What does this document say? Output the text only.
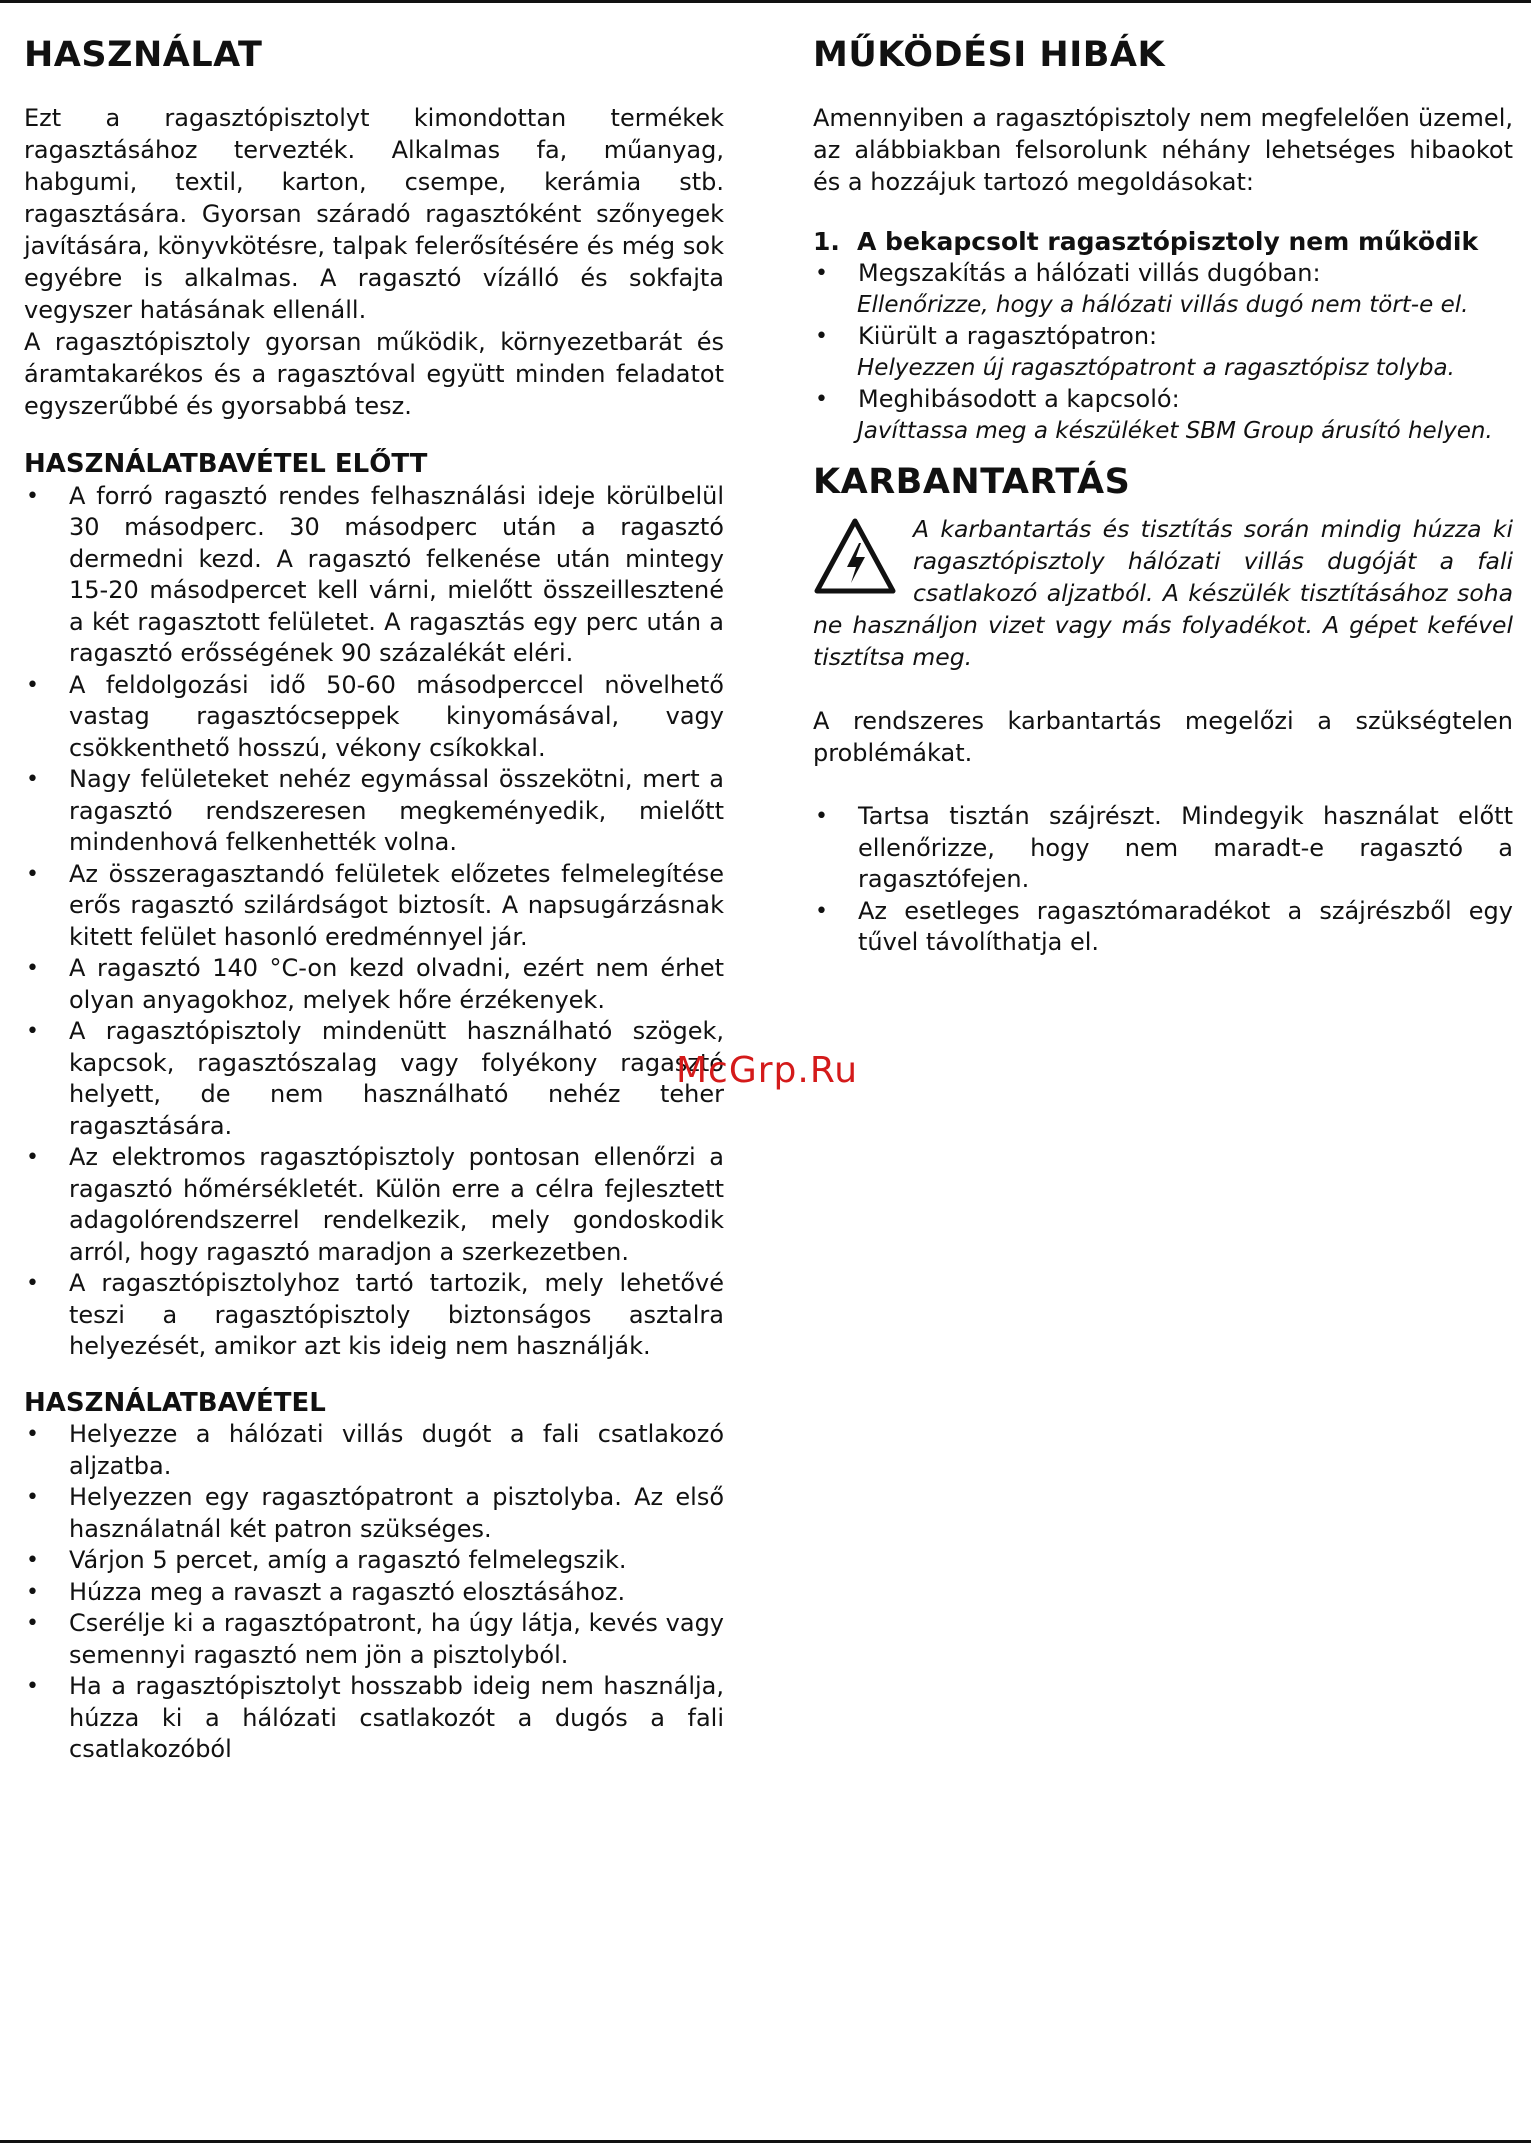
HASZNÁLAT

Ezt a ragasztópisztolyt kimondottan termékek ragasztásához tervezték. Alkalmas fa, műanyag, habgumi, textil, karton, csempe, kerámia stb. ragasztására. Gyorsan száradó ragasztóként szőnyegek javítására, könyvkötésre, talpak felerősítésére és még sok egyébre is alkalmas. A ragasztó vízálló és sokfajta vegyszer hatásának ellenáll.

A ragasztópisztoly gyorsan működik, környezetbarát és áramtakarékos és a ragasztóval együtt minden feladatot egyszerűbbé és gyorsabbá tesz.

HASZNÁLATBAVÉTEL ELŐTT
• A forró ragasztó rendes felhasználási ideje körülbelül 30 másodperc. 30 másodperc után a ragasztó dermedni kezd. A ragasztó felkenése után mintegy 15-20 másodpercet kell várni, mielőtt összeillesztené a két ragasztott felületet. A ragasztás egy perc után a ragasztó erősségének 90 százalékát eléri.
• A feldolgozási idő 50-60 másodperccel növelhető vastag ragasztócseppek kinyomásával, vagy csökkenthető hosszú, vékony csíkokkal.
• Nagy felületeket nehéz egymással összekötni, mert a ragasztó rendszeresen megkeményedik, mielőtt mindenhová felkenhették volna.
• Az összeragasztandó felületek előzetes felmelegítése erős ragasztó szilárdságot biztosít. A napsugárzásnak kitett felület hasonló eredménnyel jár.
• A ragasztó 140 °C-on kezd olvadni, ezért nem érhet olyan anyagokhoz, melyek hőre érzékenyek.
• A ragasztópisztoly mindenütt használható szögek, kapcsok, ragasztószalag vagy folyékony ragasztó helyett, de nem használható nehéz teher ragasztására.
• Az elektromos ragasztópisztoly pontosan ellenőrzi a ragasztó hőmérsékletét. Külön erre a célra fejlesztett adagolórendszerrel rendelkezik, mely gondoskodik arról, hogy ragasztó maradjon a szerkezetben.
• A ragasztópisztolyhoz tartó tartozik, mely lehetővé teszi a ragasztópisztoly biztonságos asztalra helyezését, amikor azt kis ideig nem használják.
HASZNÁLATBAVÉTEL
• Helyezze a hálózati villás dugót a fali csatlakozó aljzatba.
• Helyezzen egy ragasztópatront a pisztolyba. Az első használatnál két patron szükséges.
• Várjon 5 percet, amíg a ragasztó felmelegszik.
• Húzza meg a ravaszt a ragasztó elosztásához.
• Cserélje ki a ragasztópatront, ha úgy látja, kevés vagy semennyi ragasztó nem jön a pisztolyból.
• Ha a ragasztópisztolyt hosszabb ideig nem használja, húzza ki a hálózati csatlakozót a dugós a fali csatlakozóból
MŰKÖDÉSI HIBÁK

Amennyiben a ragasztópisztoly nem megfelelően üzemel, az alábbiakban felsorolunk néhány lehetséges hibaokot és a hozzájuk tartozó megoldásokat:

1. A bekapcsolt ragasztópisztoly nem működik
• Megszakítás a hálózati villás dugóban:
Ellenőrizze, hogy a hálózati villás dugó nem tört-e el.
• Kiürült a ragasztópatron:
Helyezzen új ragasztópatront a ragasztópisz tolyba.
• Meghibásodott a kapcsoló:
Javíttassa meg a készüléket SBM Group árusító helyen.
KARBANTARTÁS
A karbantartás és tisztítás során mindig húzza ki ragasztópisztoly hálózati villás dugóját a fali csatlakozó aljzatból. A készülék tisztításához soha ne használjon vizet vagy más folyadékot. A gépet kefével tisztítsa meg.

A rendszeres karbantartás megelőzi a szükségtelen problémákat.

• Tartsa tisztán szájrészt. Mindegyik használat előtt ellenőrizze, hogy nem maradt-e ragasztó a ragasztófejen.
• Az esetleges ragasztómaradékot a szájrészből egy tűvel távolíthatja el.
McGrp.Ru
